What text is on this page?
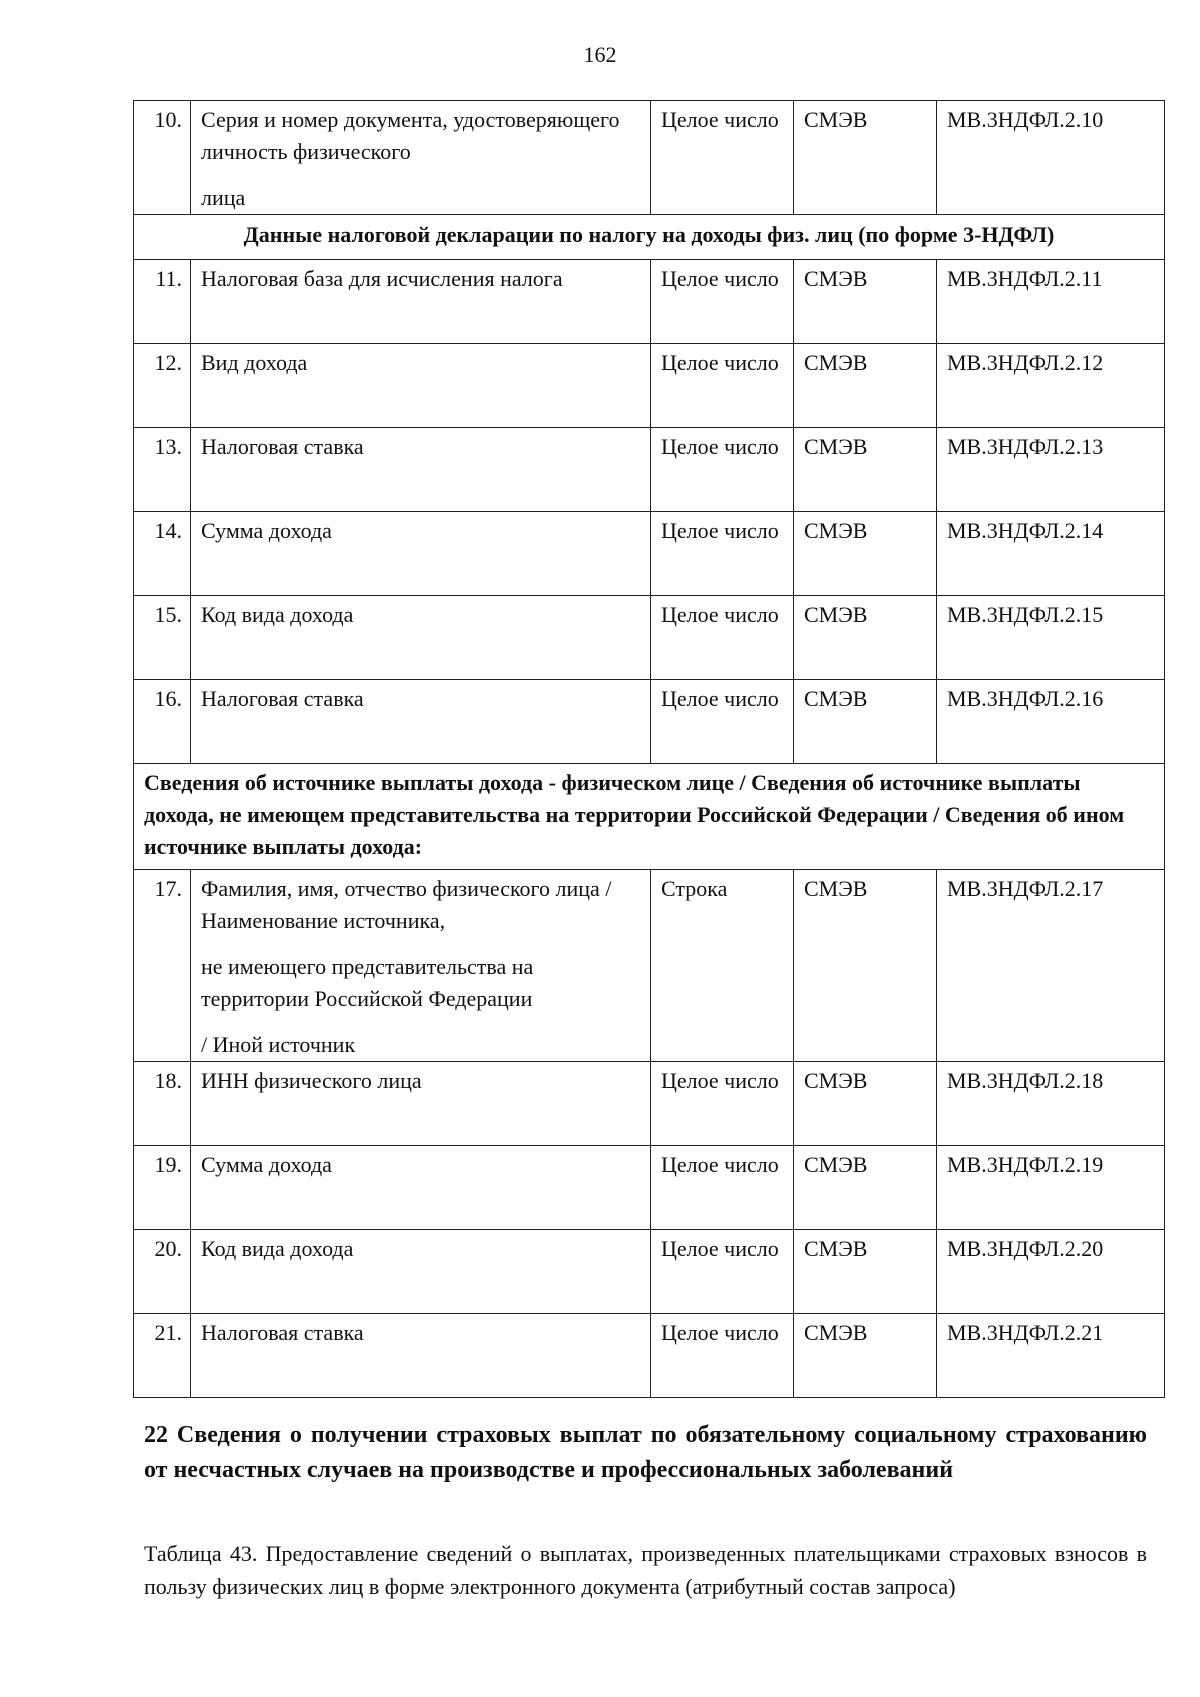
162
10.	Серия и номер документа, удостоверяющего личность физического

лица	Целое число	СМЭВ	МВ.3НДФЛ.2.10
Данные налоговой декларации по налогу на доходы физ. лиц (по форме 3-НДФЛ)				
11.	Налоговая база для исчисления налога	Целое число	СМЭВ	МВ.3НДФЛ.2.11
12.	Вид дохода	Целое число	СМЭВ	МВ.3НДФЛ.2.12
13.	Налоговая ставка	Целое число	СМЭВ	МВ.3НДФЛ.2.13
14.	Сумма дохода	Целое число	СМЭВ	МВ.3НДФЛ.2.14
15.	Код вида дохода	Целое число	СМЭВ	МВ.3НДФЛ.2.15
16.	Налоговая ставка	Целое число	СМЭВ	МВ.3НДФЛ.2.16
Сведения об источнике выплаты дохода - физическом лице / Сведения об источнике выплаты дохода, не имеющем представительства на территории Российской Федерации / Сведения об ином источнике выплаты дохода:				
17.	Фамилия, имя, отчество физического лица / Наименование источника,

не имеющего представительства на территории Российской Федерации

/ Иной источник	Строка	СМЭВ	МВ.3НДФЛ.2.17
18.	ИНН физического лица	Целое число	СМЭВ	МВ.3НДФЛ.2.18
19.	Сумма дохода	Целое число	СМЭВ	МВ.3НДФЛ.2.19
20.	Код вида дохода	Целое число	СМЭВ	МВ.3НДФЛ.2.20
21.	Налоговая ставка	Целое число	СМЭВ	МВ.3НДФЛ.2.21
22 Сведения о получении страховых выплат по обязательному социальному страхованию от несчастных случаев на производстве и профессиональных заболеваний
Таблица 43. Предоставление сведений о выплатах, произведенных плательщиками страховых взносов в пользу физических лиц в форме электронного документа (атрибутный состав запроса)
